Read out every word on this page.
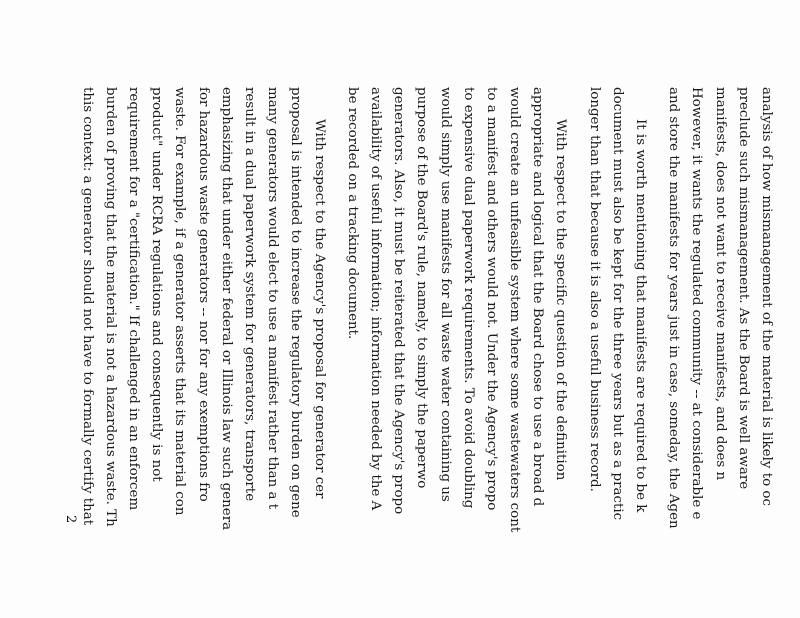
analysis of how mismanagement of the material is likely to oc
preclude such mismanagement. As the Board is well aware
manifests, does not want to receive manifests, and does n
However, it wants the regulated community -- at considerable e
and store the manifests for years just in case, someday, the Agen
It is worth mentioning that manifests are required to be k
document must also be kept for the three years but as a practic
longer than that because it is also a useful business record.
With respect to the specific question of the definition
appropriate and logical that the Board chose to use a broad d
would create an unfeasible system where some wastewaters cont
to a manifest and others would not. Under the Agency's propo
to expensive dual paperwork requirements. To avoid doubling
would simply use manifests for all waste water containing us
purpose of the Board's rule, namely, to simply the paperwo
generators. Also, it must be reiterated that the Agency's propo
availability of useful information; information needed by the A
be recorded on a tracking document.
With respect to the Agency's proposal for generator cer
proposal is intended to increase the regulatory burden on gene
many generators would elect to use a manifest rather than a t
result in a dual paperwork system for generators, transporte
emphasizing that under either federal or Illinois law such genera
for hazardous waste generators -- nor for any exemptions fro
waste. For example, if a generator asserts that its material con
product" under RCRA regulations and consequently is not
requirement for a "certification." If challenged in an enforcem
burden of proving that the material is not a hazardous waste. Th
this context: a generator should not have to formally certify that
2
